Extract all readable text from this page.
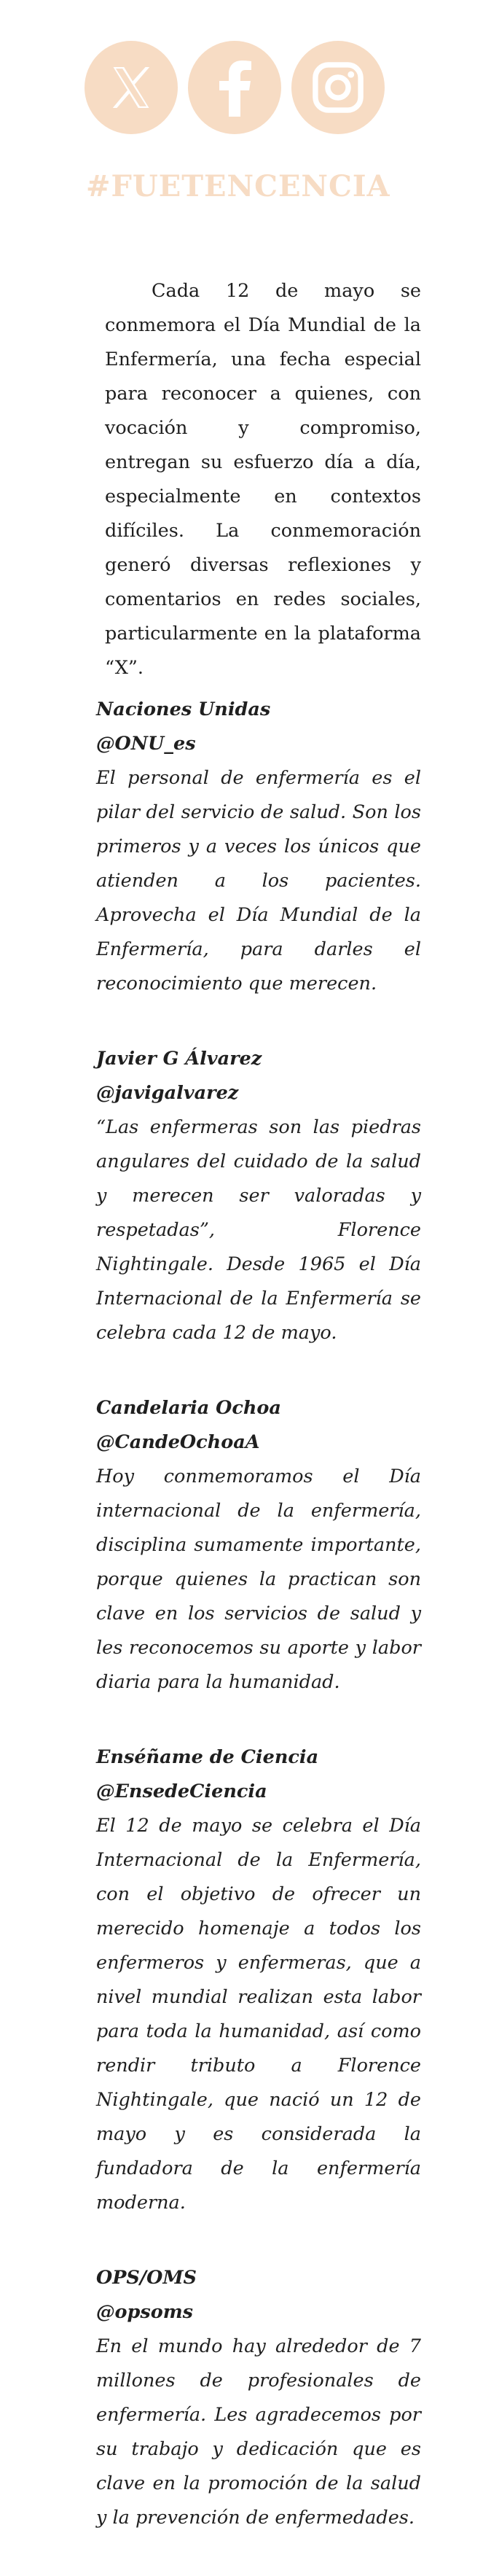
#FUETENCENCIA

Cada 12 de mayo se conmemora el Día Mundial de la Enfermería, una fecha especial para reconocer a quienes, con vocación y compromiso, entregan su esfuerzo día a día, especialmente en contextos difíciles. La conmemoración generó diversas reflexiones y comentarios en redes sociales, particularmente en la plataforma “X”.

Naciones Unidas
@ONU_es
El personal de enfermería es el pilar del servicio de salud. Son los primeros y a veces los únicos que atienden a los pacientes. Aprovecha el Día Mundial de la Enfermería, para darles el reconocimiento que merecen.
Javier G Álvarez
@javigalvarez
“Las enfermeras son las piedras angulares del cuidado de la salud y merecen ser valoradas y respetadas”, Florence Nightingale. Desde 1965 el Día Internacional de la Enfermería se celebra cada 12 de mayo.
Candelaria Ochoa
@CandeOchoaA
Hoy conmemoramos el Día internacional de la enfermería, disciplina sumamente importante, porque quienes la practican son clave en los servicios de salud y les reconocemos su aporte y labor diaria para la humanidad.
Enséñame de Ciencia
@EnsedeCiencia
El 12 de mayo se celebra el Día Internacional de la Enfermería, con el objetivo de ofrecer un merecido homenaje a todos los enfermeros y enfermeras, que a nivel mundial realizan esta labor para toda la humanidad, así como rendir tributo a Florence Nightingale, que nació un 12 de mayo y es considerada la fundadora de la enfermería moderna.
OPS/OMS
@opsoms
En el mundo hay alrededor de 7 millones de profesionales de enfermería. Les agradecemos por su trabajo y dedicación que es clave en la promoción de la salud y la prevención de enfermedades.
